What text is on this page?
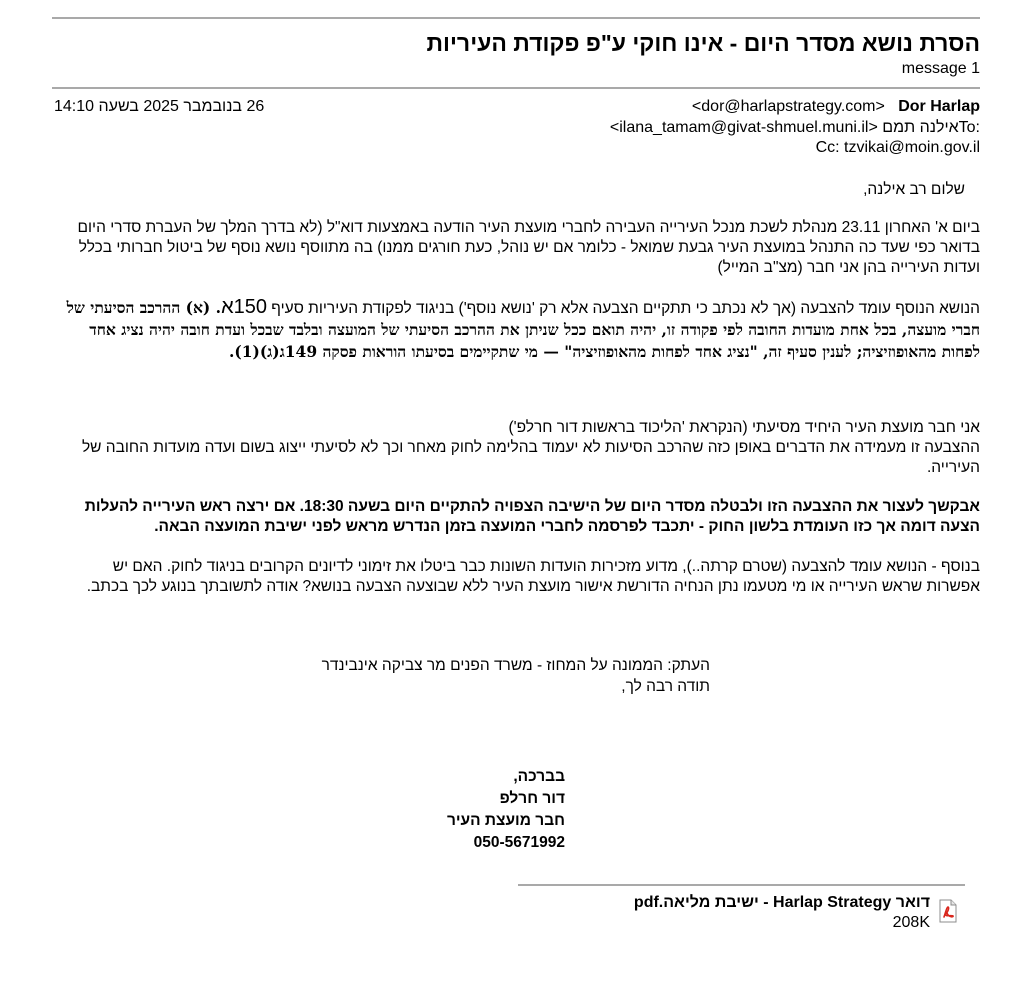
הסרת נושא מסדר היום - אינו חוקי ע"פ פקודת העיריות
message 1
26 בנובמבר 2025 בשעה 14:10	<dor@harlapstrategy.com> Dor Harlap
אילנה תמם <ilana_tamam@givat-shmuel.muni.il>To:
Cc: tzvikai@moin.gov.il
שלום רב אילנה,

ביום א' האחרון 23.11 מנהלת לשכת מנכל העירייה העבירה לחברי מועצת העיר הודעה באמצעות דוא"ל (לא בדרך המלך של העברת סדרי היום בדואר כפי שעד כה התנהל במועצת העיר גבעת שמואל - כלומר אם יש נוהל, כעת חורגים ממנו) בה מתווסף נושא נוסף של ביטול חברותי בכלל ועדות העירייה בהן אני חבר (מצ"ב המייל)

הנושא הנוסף עומד להצבעה (אך לא נכתב כי תתקיים הצבעה אלא רק 'נושא נוסף') בניגוד לפקודת העיריות סעיף 150א. (א) ההרכב הסיעתי של חברי מועצה, בכל אחת מועדות החובה לפי פקודה זו, יהיה תואם ככל שניתן את ההרכב הסיעתי של המועצה ובלבד שבכל ועדת חובה יהיה נציג אחד לפחות מהאופוזיציה; לענין סעיף זה, "נציג אחד לפחות מהאופוזיציה" — מי שתקיימים בסיעתו הוראות פסקה 149ג(ג)(1).

אני חבר מועצת העיר היחיד מסיעתי (הנקראת 'הליכוד בראשות דור חרלפ')
ההצבעה זו מעמידה את הדברים באופן כזה שהרכב הסיעות לא יעמוד בהלימה לחוק מאחר וכך לא לסיעתי ייצוג בשום ועדה מועדות החובה של העירייה.

אבקשך לעצור את ההצבעה הזו ולבטלה מסדר היום של הישיבה הצפויה להתקיים היום בשעה 18:30. אם ירצה ראש העירייה להעלות הצעה דומה אך כזו העומדת בלשון החוק - יתכבד לפרסמה לחברי המועצה בזמן הנדרש מראש לפני ישיבת המועצה הבאה.

בנוסף - הנושא עומד להצבעה (שטרם קרתה..), מדוע מזכירות הועדות השונות כבר ביטלו את זימוני לדיונים הקרובים בניגוד לחוק. האם יש אפשרות שראש העירייה או מי מטעמו נתן הנחיה הדורשת אישור מועצת העיר ללא שבוצעה הצבעה בנושא? אודה לתשובתך בנוגע לכך בכתב.

העתק: הממונה על המחוז - משרד הפנים מר צביקה אינבינדר
תודה רבה לך,
בברכה,
דור חרלפ
חבר מועצת העיר
050-5671992
דואר Harlap Strategy - ישיבת מליאה.pdf
208K
